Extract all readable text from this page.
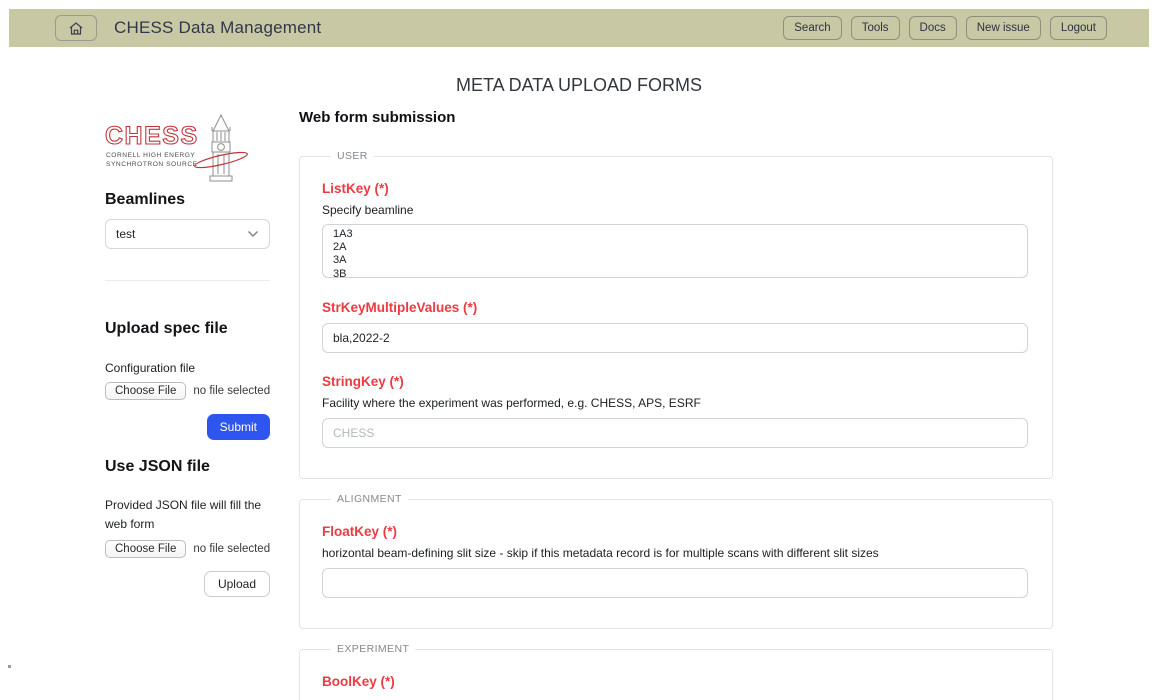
CHESS Data Management	Search	Tools	Docs	New issue	Logout
META DATA UPLOAD FORMS
CHESS
CORNELL HIGH ENERGY
SYNCHROTRON SOURCE
Beamlines
test
Upload spec file
Configuration file
Choose File	no file selected
Submit
Use JSON file
Provided JSON file will fill the web form
Choose File	no file selected
Upload
Web form submission
USER
ListKey (*)
Specify beamline
StrKeyMultipleValues (*)
bla,2022-2
StringKey (*)
Facility where the experiment was performed, e.g. CHESS, APS, ESRF
CHESS
ALIGNMENT
FloatKey (*)
horizontal beam-defining slit size - skip if this metadata record is for multiple scans with different slit sizes
EXPERIMENT
BoolKey (*)
